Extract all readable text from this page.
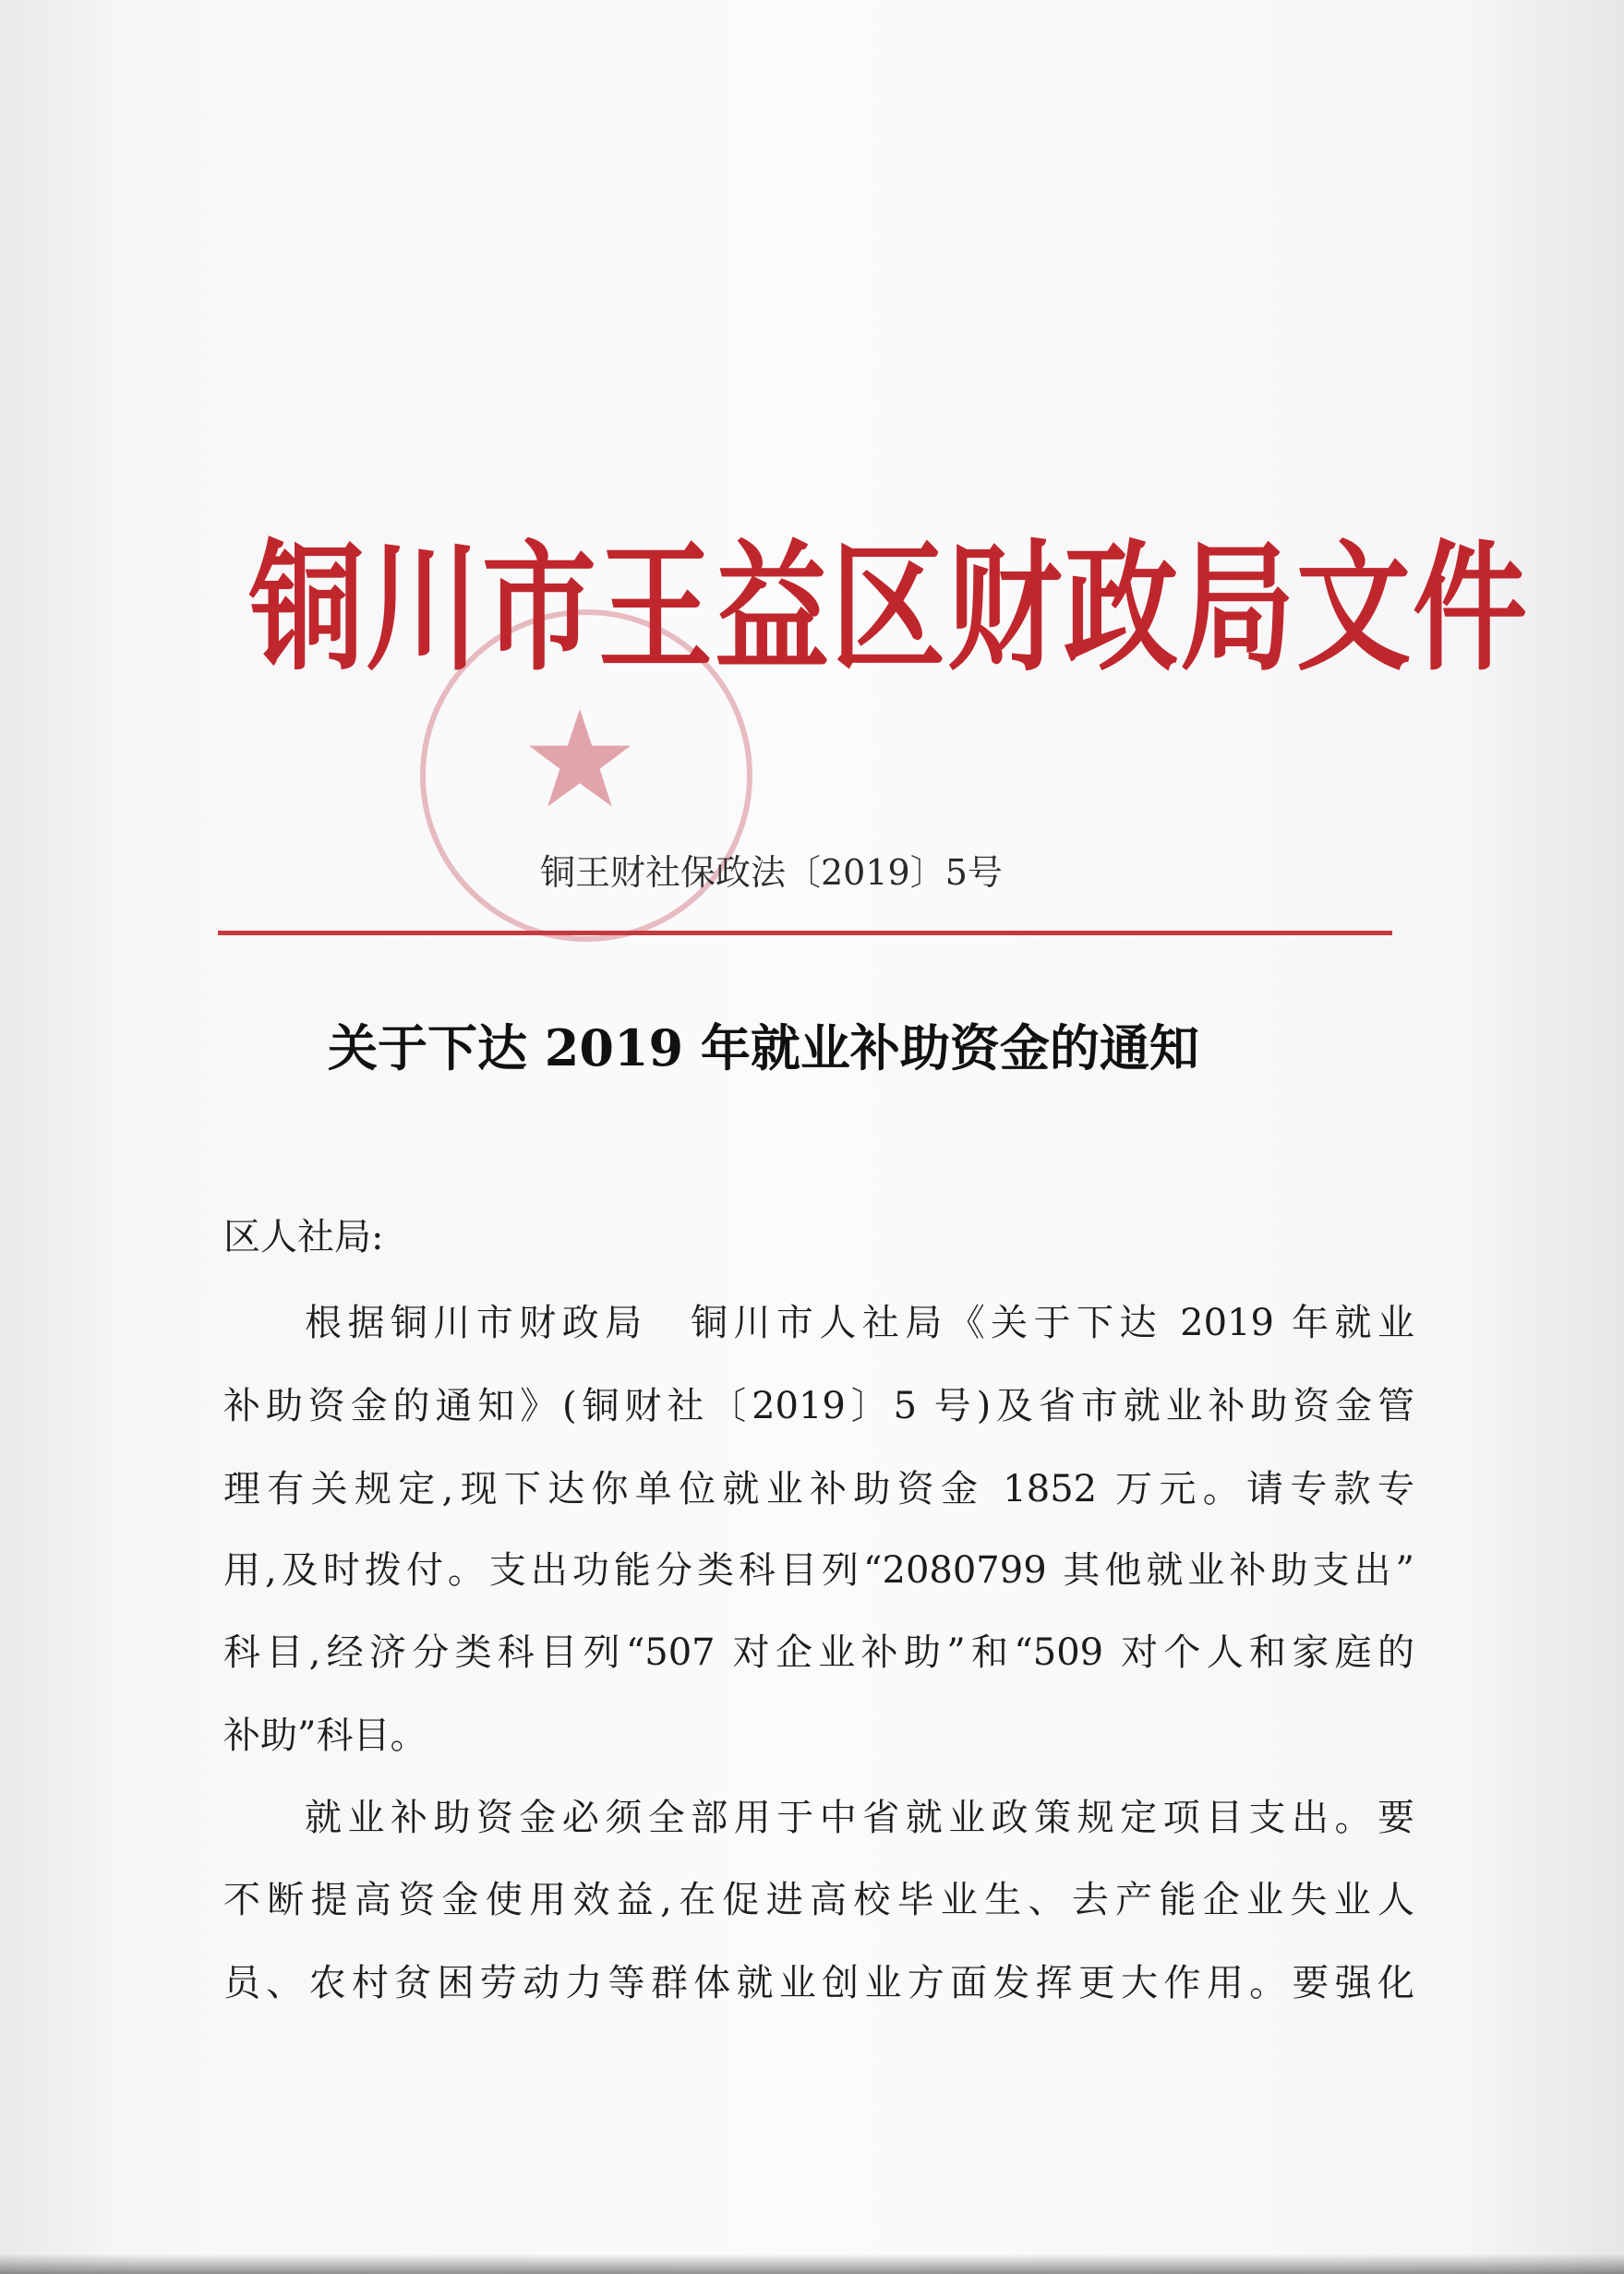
铜川市王益区财政局文件
铜王财社保政法〔2019〕5号
关于下达 2019 年就业补助资金的通知
区人社局:
根据铜川市财政局　铜川市人社局《关于下达 2019 年就业
补助资金的通知》(铜财社〔2019〕5 号)及省市就业补助资金管
理有关规定,现下达你单位就业补助资金 1852 万元。请专款专
用,及时拨付。支出功能分类科目列“2080799 其他就业补助支出”
科目,经济分类科目列“507 对企业补助”和“509 对个人和家庭的
补助”科目。
就业补助资金必须全部用于中省就业政策规定项目支出。要
不断提高资金使用效益,在促进高校毕业生、去产能企业失业人
员、农村贫困劳动力等群体就业创业方面发挥更大作用。要强化
